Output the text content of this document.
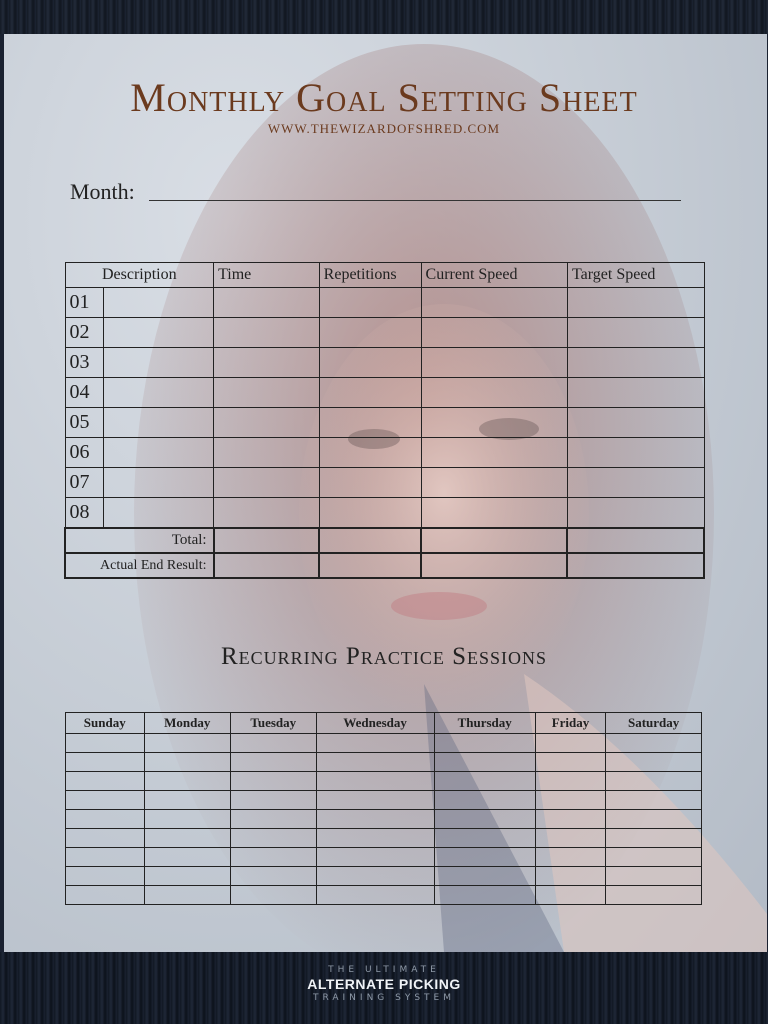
Monthly Goal Setting Sheet
WWW.THEWIZARDOFSHRED.COM
Month:
Description		Time	Repetitions	Current Speed	Target Speed
01					
02					
03					
04					
05					
06					
07					
08					
Total:					
Actual End Result:					
Recurring Practice Sessions
Sunday	Monday	Tuesday	Wednesday	Thursday	Friday	Saturday

THE ULTIMATE
ALTERNATE PICKING
TRAINING SYSTEM
